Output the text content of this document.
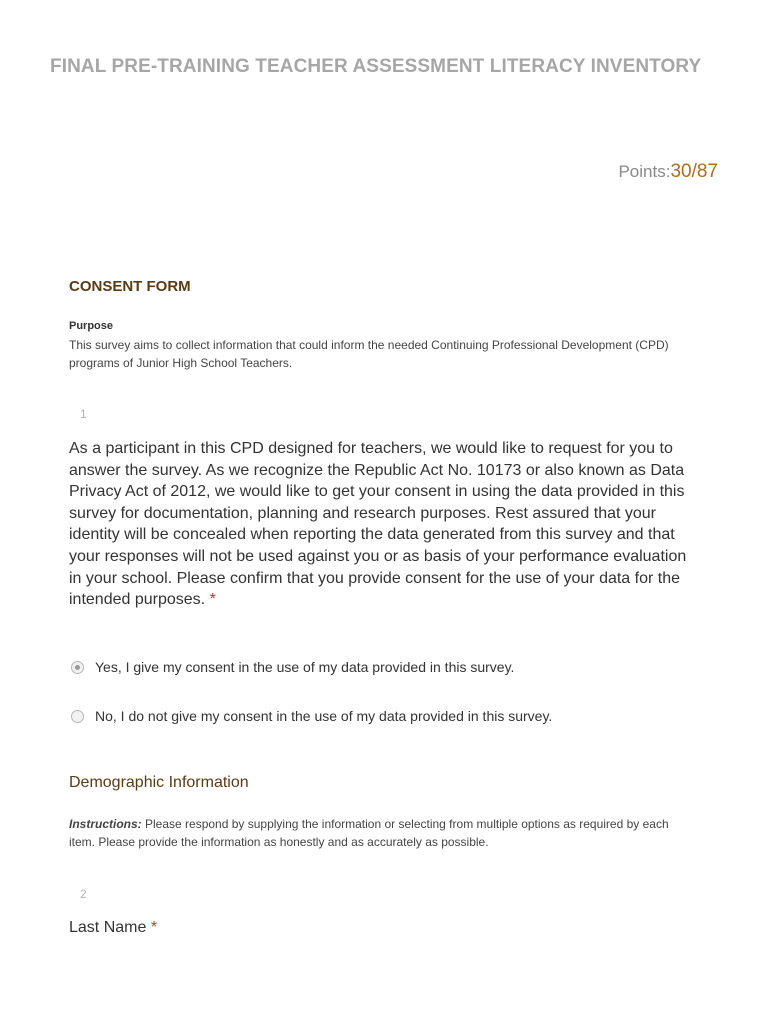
FINAL PRE-TRAINING TEACHER ASSESSMENT LITERACY INVENTORY
Points:30/87
CONSENT FORM
Purpose
This survey aims to collect information that could inform the needed Continuing Professional Development (CPD) programs of Junior High School Teachers.
1
As a participant in this CPD designed for teachers, we would like to request for you to answer the survey. As we recognize the Republic Act No. 10173 or also known as Data Privacy Act of 2012, we would like to get your consent in using the data provided in this survey for documentation, planning and research purposes. Rest assured that your identity will be concealed when reporting the data generated from this survey and that your responses will not be used against you or as basis of your performance evaluation in your school. Please confirm that you provide consent for the use of your data for the intended purposes. *
Yes, I give my consent in the use of my data provided in this survey.
No, I do not give my consent in the use of my data provided in this survey.
Demographic Information
Instructions: Please respond by supplying the information or selecting from multiple options as required by each item. Please provide the information as honestly and as accurately as possible.
2
Last Name *
